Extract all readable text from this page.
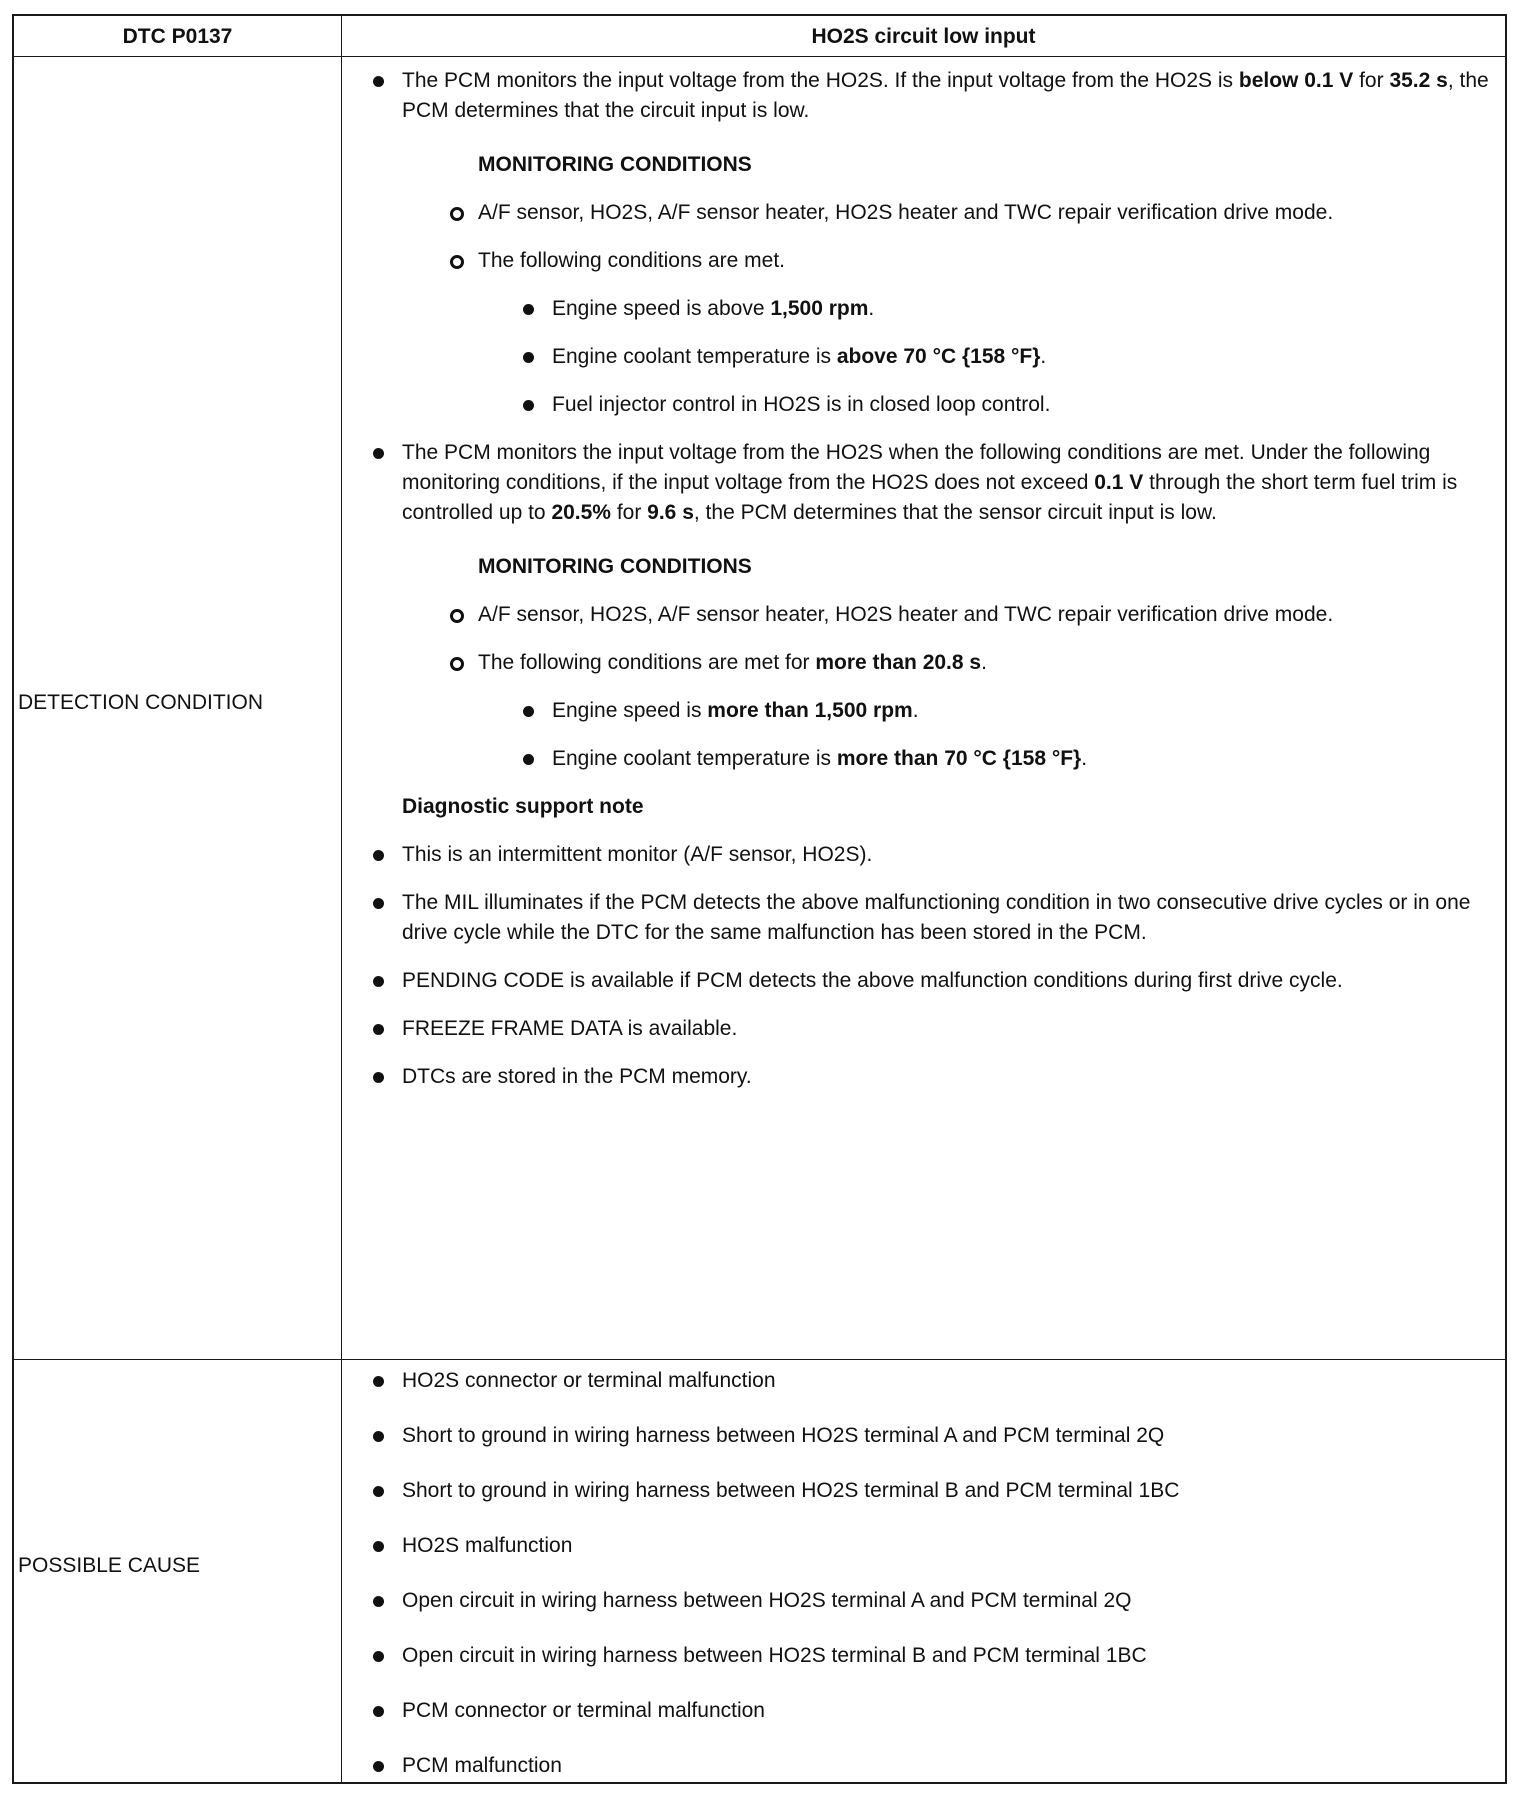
DTC P0137	HO2S circuit low input
DETECTION CONDITION
POSSIBLE CAUSE
The PCM monitors the input voltage from the HO2S. If the input voltage from the HO2S is below 0.1 V for 35.2 s, the PCM determines that the circuit input is low.
MONITORING CONDITIONS
A/F sensor, HO2S, A/F sensor heater, HO2S heater and TWC repair verification drive mode.
The following conditions are met.
Engine speed is above 1,500 rpm.
Engine coolant temperature is above 70 °C {158 °F}.
Fuel injector control in HO2S is in closed loop control.
The PCM monitors the input voltage from the HO2S when the following conditions are met. Under the following monitoring conditions, if the input voltage from the HO2S does not exceed 0.1 V through the short term fuel trim is controlled up to 20.5% for 9.6 s, the PCM determines that the sensor circuit input is low.
MONITORING CONDITIONS
A/F sensor, HO2S, A/F sensor heater, HO2S heater and TWC repair verification drive mode.
The following conditions are met for more than 20.8 s.
Engine speed is more than 1,500 rpm.
Engine coolant temperature is more than 70 °C {158 °F}.
Diagnostic support note
This is an intermittent monitor (A/F sensor, HO2S).
The MIL illuminates if the PCM detects the above malfunctioning condition in two consecutive drive cycles or in one drive cycle while the DTC for the same malfunction has been stored in the PCM.
PENDING CODE is available if PCM detects the above malfunction conditions during first drive cycle.
FREEZE FRAME DATA is available.
DTCs are stored in the PCM memory.
HO2S connector or terminal malfunction
Short to ground in wiring harness between HO2S terminal A and PCM terminal 2Q
Short to ground in wiring harness between HO2S terminal B and PCM terminal 1BC
HO2S malfunction
Open circuit in wiring harness between HO2S terminal A and PCM terminal 2Q
Open circuit in wiring harness between HO2S terminal B and PCM terminal 1BC
PCM connector or terminal malfunction
PCM malfunction
